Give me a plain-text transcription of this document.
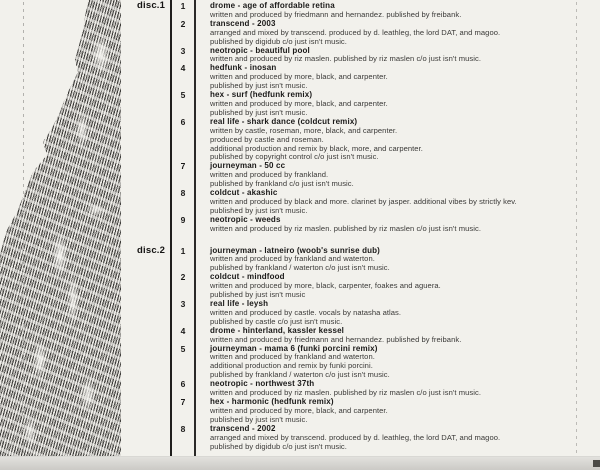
disc.1	1	drome - age of affordable retina
written and produced by friedmann and hernandez. published by freibank.
2	transcend - 2003
arranged and mixed by transcend. produced by d. leathleg, the lord DAT, and magoo.
published by digidub c/o just isn't music.
3	neotropic - beautiful pool
written and produced by riz maslen. published by riz maslen c/o just isn't music.
4	hedfunk - inosan
written and produced by more, black, and carpenter.
published by just isn't music.
5	hex - surf (hedfunk remix)
written and produced by more, black, and carpenter.
published by just isn't music.
6	real life - shark dance (coldcut remix)
written by castle, roseman, more, black, and carpenter.
produced by castle and roseman.
additional production and remix by black, more, and carpenter.
published by copyright control c/o just isn't music.
7	journeyman - 50 cc
written and produced by frankland.
published by frankland c/o just isn't music.
8	coldcut - akashic
written and produced by black and more. clarinet by jasper. additional vibes by strictly kev.
published by just isn't music.
9	neotropic - weeds
written and produced by riz maslen. published by riz maslen c/o just isn't music.
disc.2	1	journeyman - latneiro (woob's sunrise dub)
written and produced by frankland and waterton.
published by frankland / waterton c/o just isn't music.
2	coldcut - mindfood
written and produced by more, black, carpenter, foakes and aguera.
published by just isn't music
3	real life - leysh
written and produced by castle. vocals by natasha atlas.
published by castle c/o just isn't music.
4	drome - hinterland, kassler kessel
written and produced by friedmann and hernandez. published by freibank.
5	journeyman - mama 6 (funki porcini remix)
written and produced by frankland and waterton.
additional production and remix by funki porcini.
published by frankland / waterton c/o just isn't music.
6	neotropic - northwest 37th
written and produced by riz maslen. published by riz maslen c/o just isn't music.
7	hex - harmonic (hedfunk remix)
written and produced by more, black, and carpenter.
published by just isn't music.
8	transcend - 2002
arranged and mixed by transcend. produced by d. leathleg, the lord DAT, and magoo.
published by digidub c/o just isn't music.
